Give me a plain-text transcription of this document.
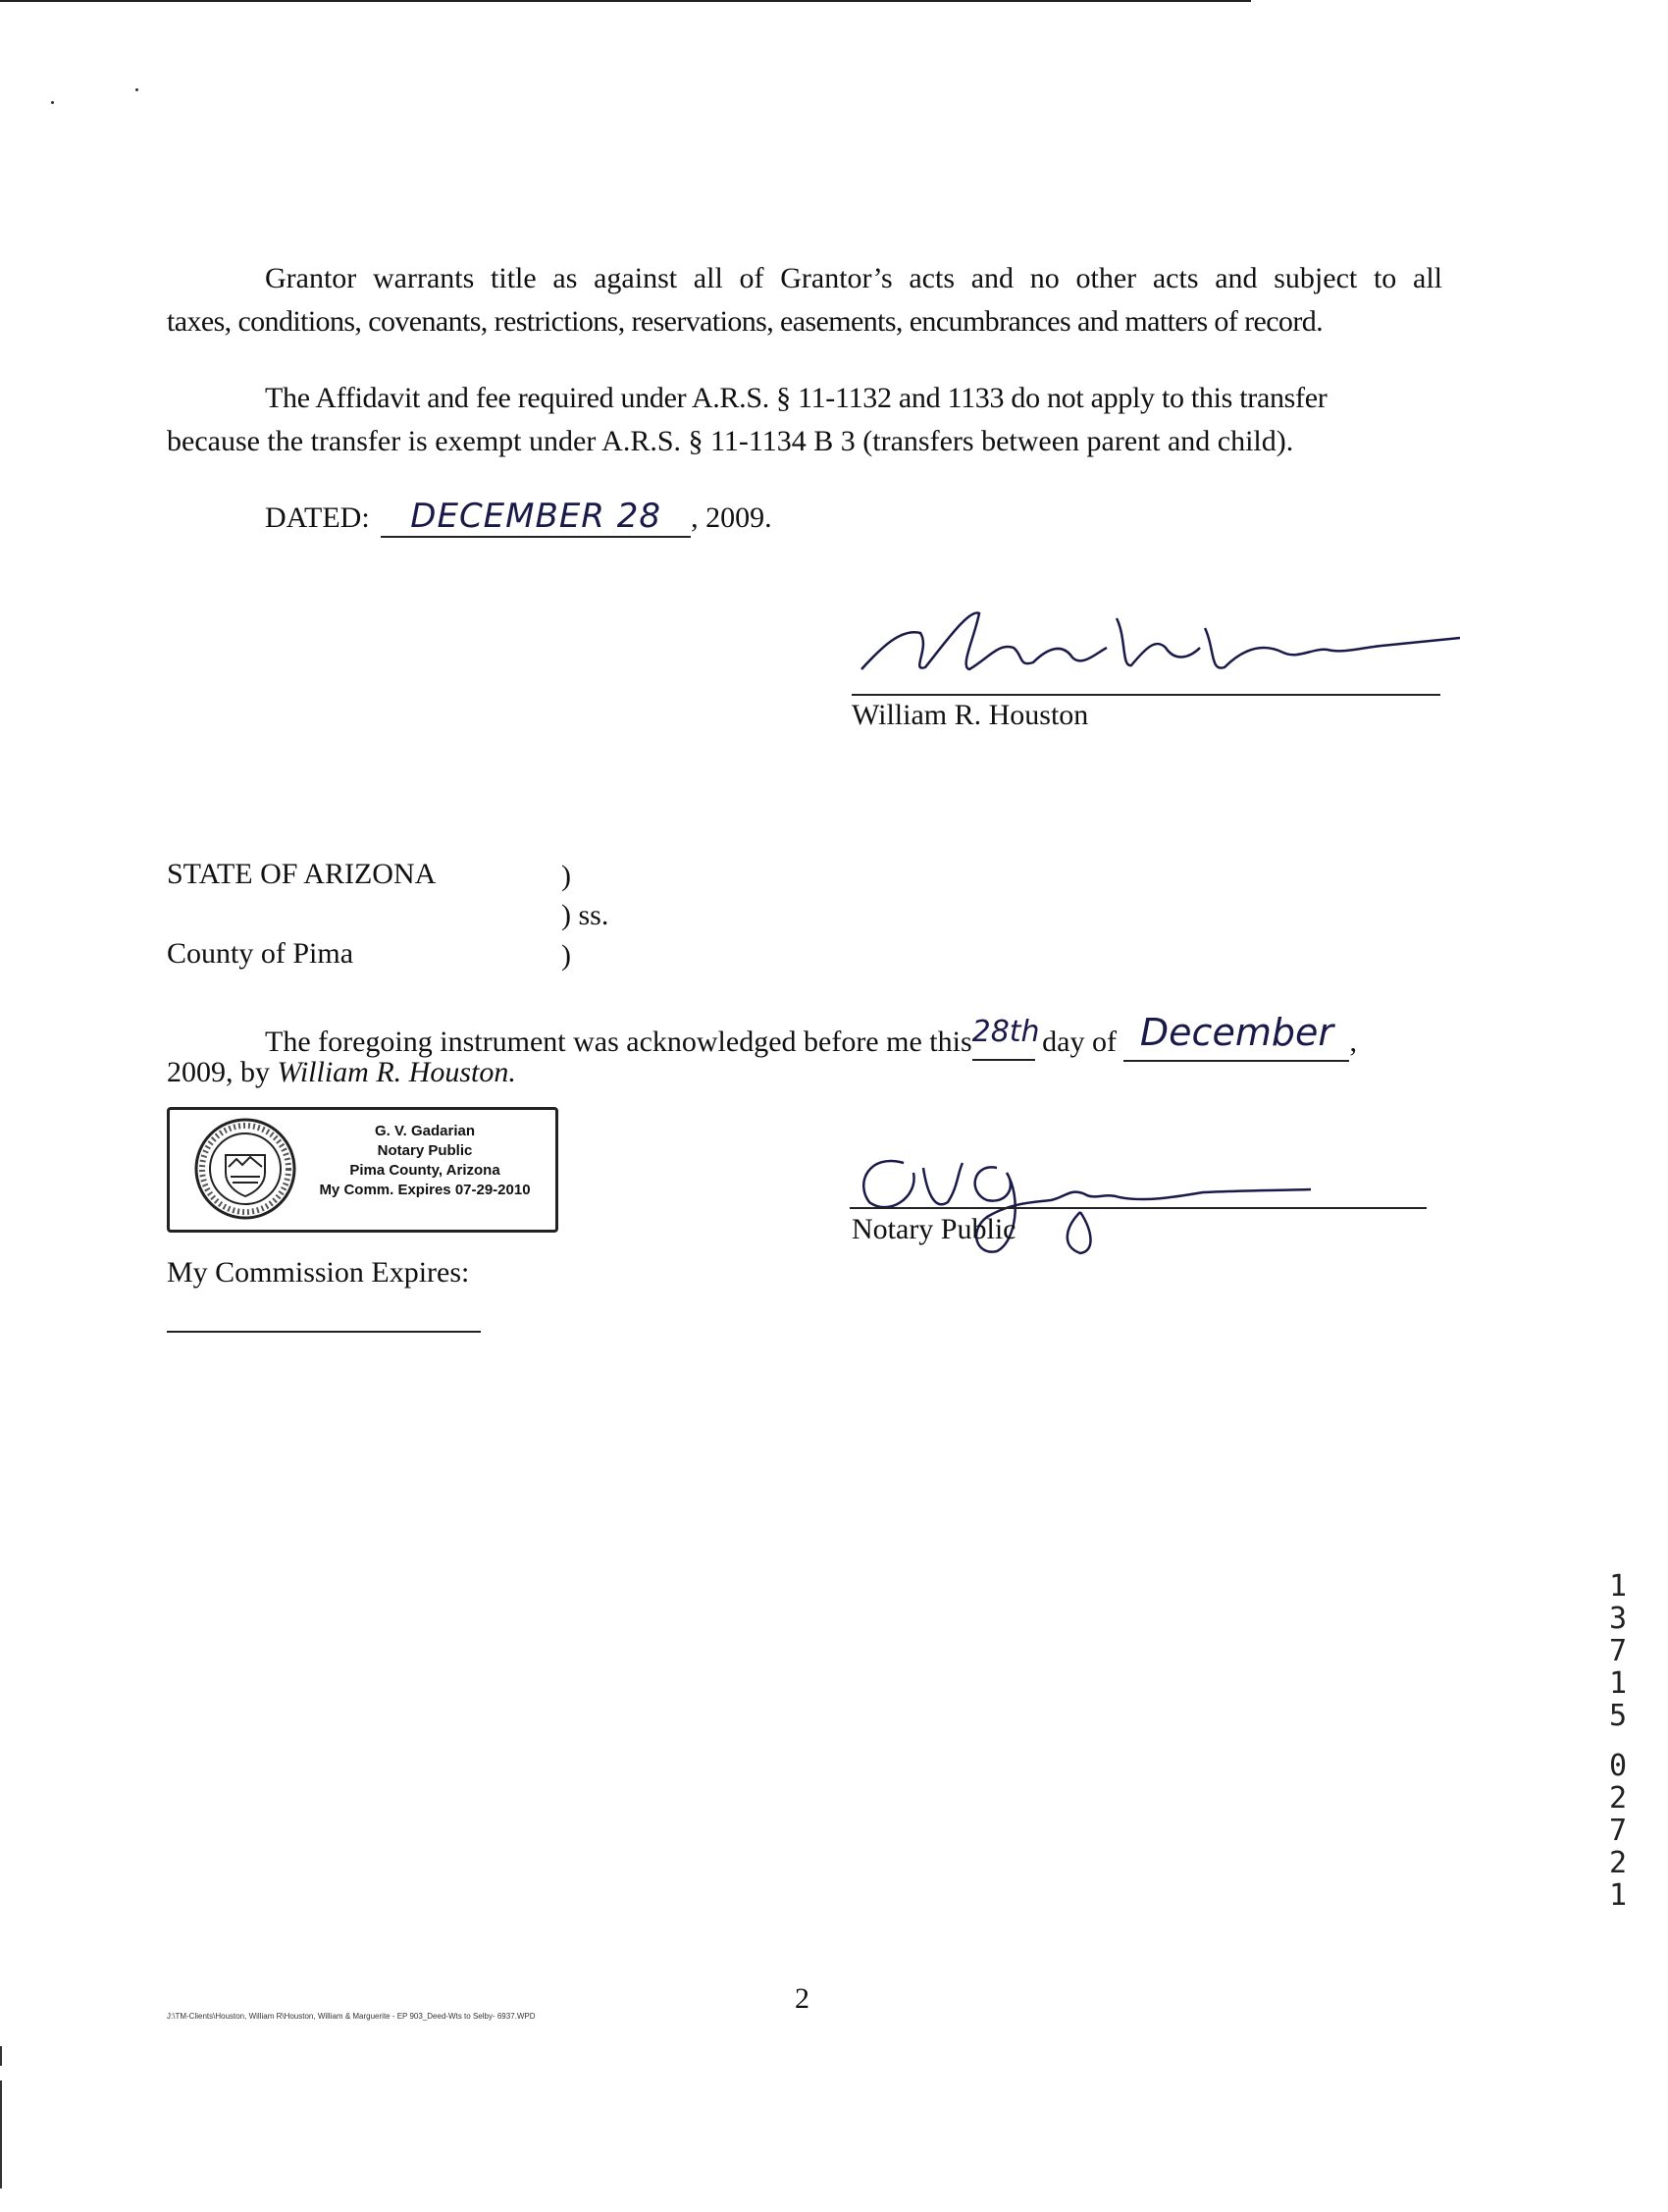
Grantor warrants title as against all of Grantor’s acts and no other acts and subject to all
taxes, conditions, covenants, restrictions, reservations, easements, encumbrances and matters of record.
The Affidavit and fee required under A.R.S. § 11-1132 and 1133 do not apply to this transfer
because the transfer is exempt under A.R.S. § 11-1134 B 3 (transfers between parent and child).
DATED: DECEMBER 28 , 2009.
William R. Houston
STATE OF ARIZONA	)
) ss.
County of Pima	)
The foregoing instrument was acknowledged before me this28th day of December ,
2009, by William R. Houston.
G. V. Gadarian
Notary Public
Pima County, Arizona
My Comm. Expires 07-29-2010
Notary Public
My Commission Expires:
1
3
7
1
5
0
2
7
2
1
2
J:\TM-Clients\Houston, William R\Houston, William & Marguerite - EP 903_Deed-Wts to Selby- 6937.WPD
